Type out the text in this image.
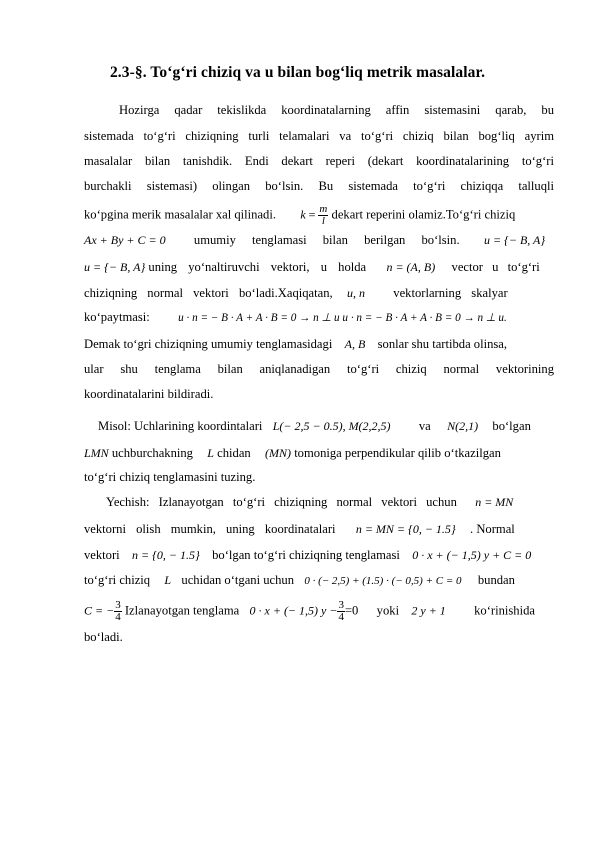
2.3-§. To‘g‘ri chiziq va u bilan bog‘liq metrik masalalar.
Hozirga qadar tekislikda koordinatalarning affin sistemasini qarab, bu
sistemada to‘g‘ri chiziqning turli telamalari va to‘g‘ri chiziq bilan bog‘liq ayrim
masalalar bilan tanishdik. Endi dekart reperi (dekart koordinatalarining to‘g‘ri
burchakli sistemasi) olingan bo‘lsin. Bu sistemada to‘g‘ri chiziqqa talluqli
ko‘pgina merik masalalar xal qilinadi. $k = \frac{m}{l}$ dekart reperini olamiz.To‘g‘ri chiziq
Ax + By + C = 0 umumiy tenglamasi bilan berilgan bo‘lsin. u = {− B, A}
u = {− B, A} uning yo‘naltiruvchi vektori, u holda n = (A, B) vector u to‘g‘ri
chiziqning normal vektori bo‘ladi.Xaqiqatan, u, n vektorlarning skalyar
ko‘paytmasi:	u · n = − B · A + A · B = 0 → n ⊥ u u · n = − B · A + A · B = 0 → n ⊥ u.
Demak to‘gri chiziqning umumiy tenglamasidagi A, B sonlar shu tartibda olinsa,
ular shu tenglama bilan aniqlanadigan to‘g‘ri chiziq normal vektorining
koordinatalarini bildiradi.
Misol: Uchlarining koordintalari L(− 2,5 − 0.5), M(2,2,5) va N(2,1) bo‘lgan
LMN uchburchakning L chidan (MN) tomoniga perpendikular qilib o‘tkazilgan
to‘g‘ri chiziq tenglamasini tuzing.
Yechish: Izlanayotgan to‘g‘ri chiziqning normal vektori uchun n = MN
vektorni olish mumkin, uning koordinatalari n = MN = {0, − 1.5} . Normal
vektori n = {0, − 1.5} bo‘lgan to‘g‘ri chiziqning tenglamasi 0 · x + (− 1,5) y + C = 0
to‘g‘ri chiziq L uchidan o‘tgani uchun 0 · (− 2,5) + (1.5) · (− 0,5) + C = 0 bundan
C = − $\frac{3}{4}$ Izlanayotgan tenglama 0 · x + (− 1,5) $y - \frac{3}{4} =0$ yoki 2 y + 1 ko‘rinishida
bo‘ladi.
